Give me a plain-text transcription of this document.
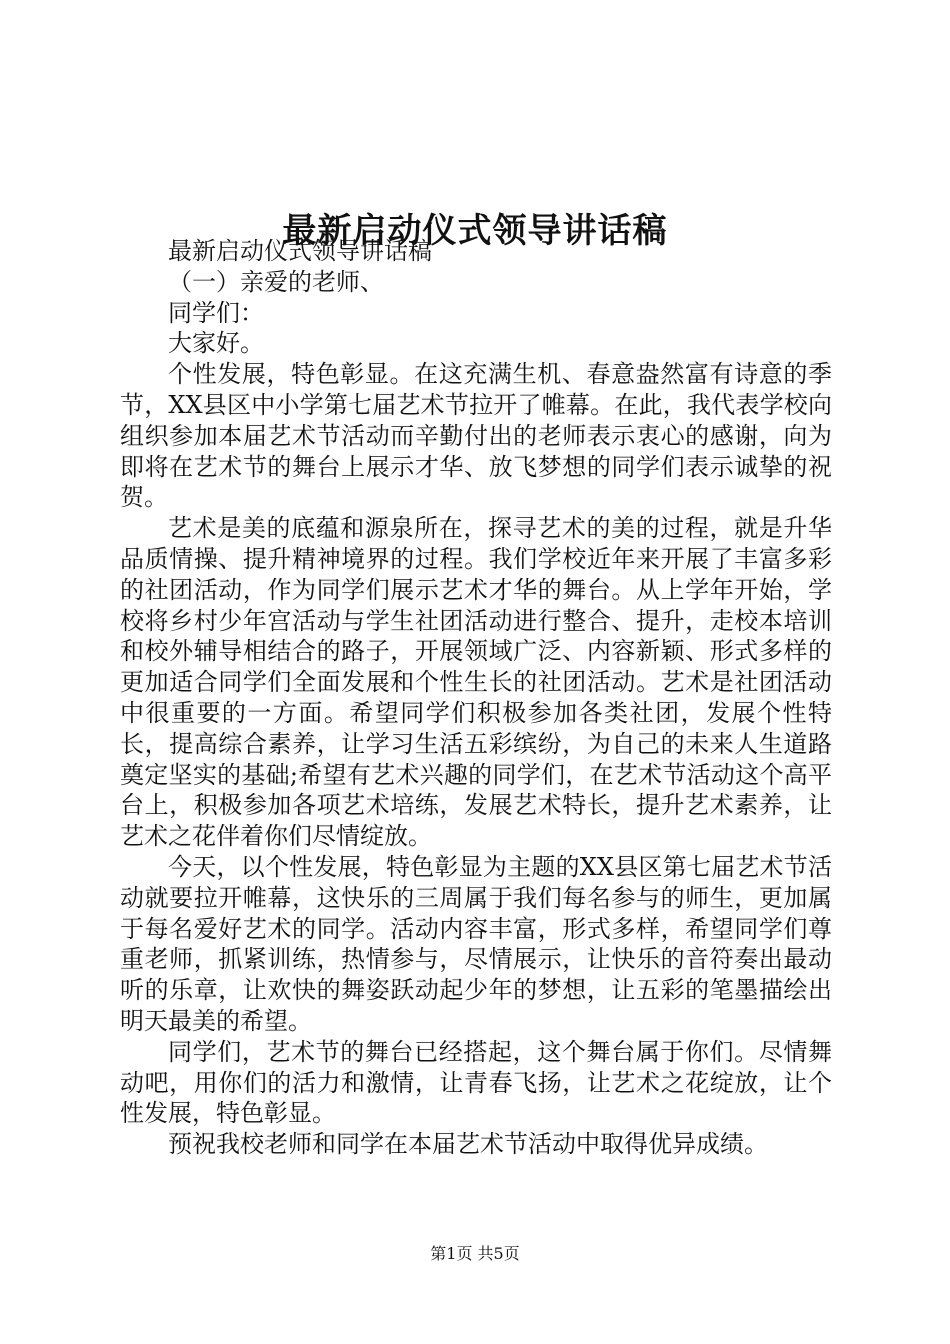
最新启动仪式领导讲话稿

最新启动仪式领导讲话稿

（一）亲爱的老师、

同学们：

大家好。

个性发展，特色彰显。在这充满生机、春意盎然富有诗意的季节，XX县区中小学第七届艺术节拉开了帷幕。在此，我代表学校向组织参加本届艺术节活动而辛勤付出的老师表示衷心的感谢，向为即将在艺术节的舞台上展示才华、放飞梦想的同学们表示诚挚的祝贺。

艺术是美的底蕴和源泉所在，探寻艺术的美的过程，就是升华品质情操、提升精神境界的过程。我们学校近年来开展了丰富多彩的社团活动，作为同学们展示艺术才华的舞台。从上学年开始，学校将乡村少年宫活动与学生社团活动进行整合、提升，走校本培训和校外辅导相结合的路子，开展领域广泛、内容新颖、形式多样的更加适合同学们全面发展和个性生长的社团活动。艺术是社团活动中很重要的一方面。希望同学们积极参加各类社团，发展个性特长，提高综合素养，让学习生活五彩缤纷，为自己的未来人生道路奠定坚实的基础;希望有艺术兴趣的同学们，在艺术节活动这个高平台上，积极参加各项艺术培练，发展艺术特长，提升艺术素养，让艺术之花伴着你们尽情绽放。

今天，以个性发展，特色彰显为主题的XX县区第七届艺术节活动就要拉开帷幕，这快乐的三周属于我们每名参与的师生，更加属于每名爱好艺术的同学。活动内容丰富，形式多样，希望同学们尊重老师，抓紧训练，热情参与，尽情展示，让快乐的音符奏出最动听的乐章，让欢快的舞姿跃动起少年的梦想，让五彩的笔墨描绘出明天最美的希望。

同学们，艺术节的舞台已经搭起，这个舞台属于你们。尽情舞动吧，用你们的活力和激情，让青春飞扬，让艺术之花绽放，让个性发展，特色彰显。

预祝我校老师和同学在本届艺术节活动中取得优异成绩。

第1页 共5页
